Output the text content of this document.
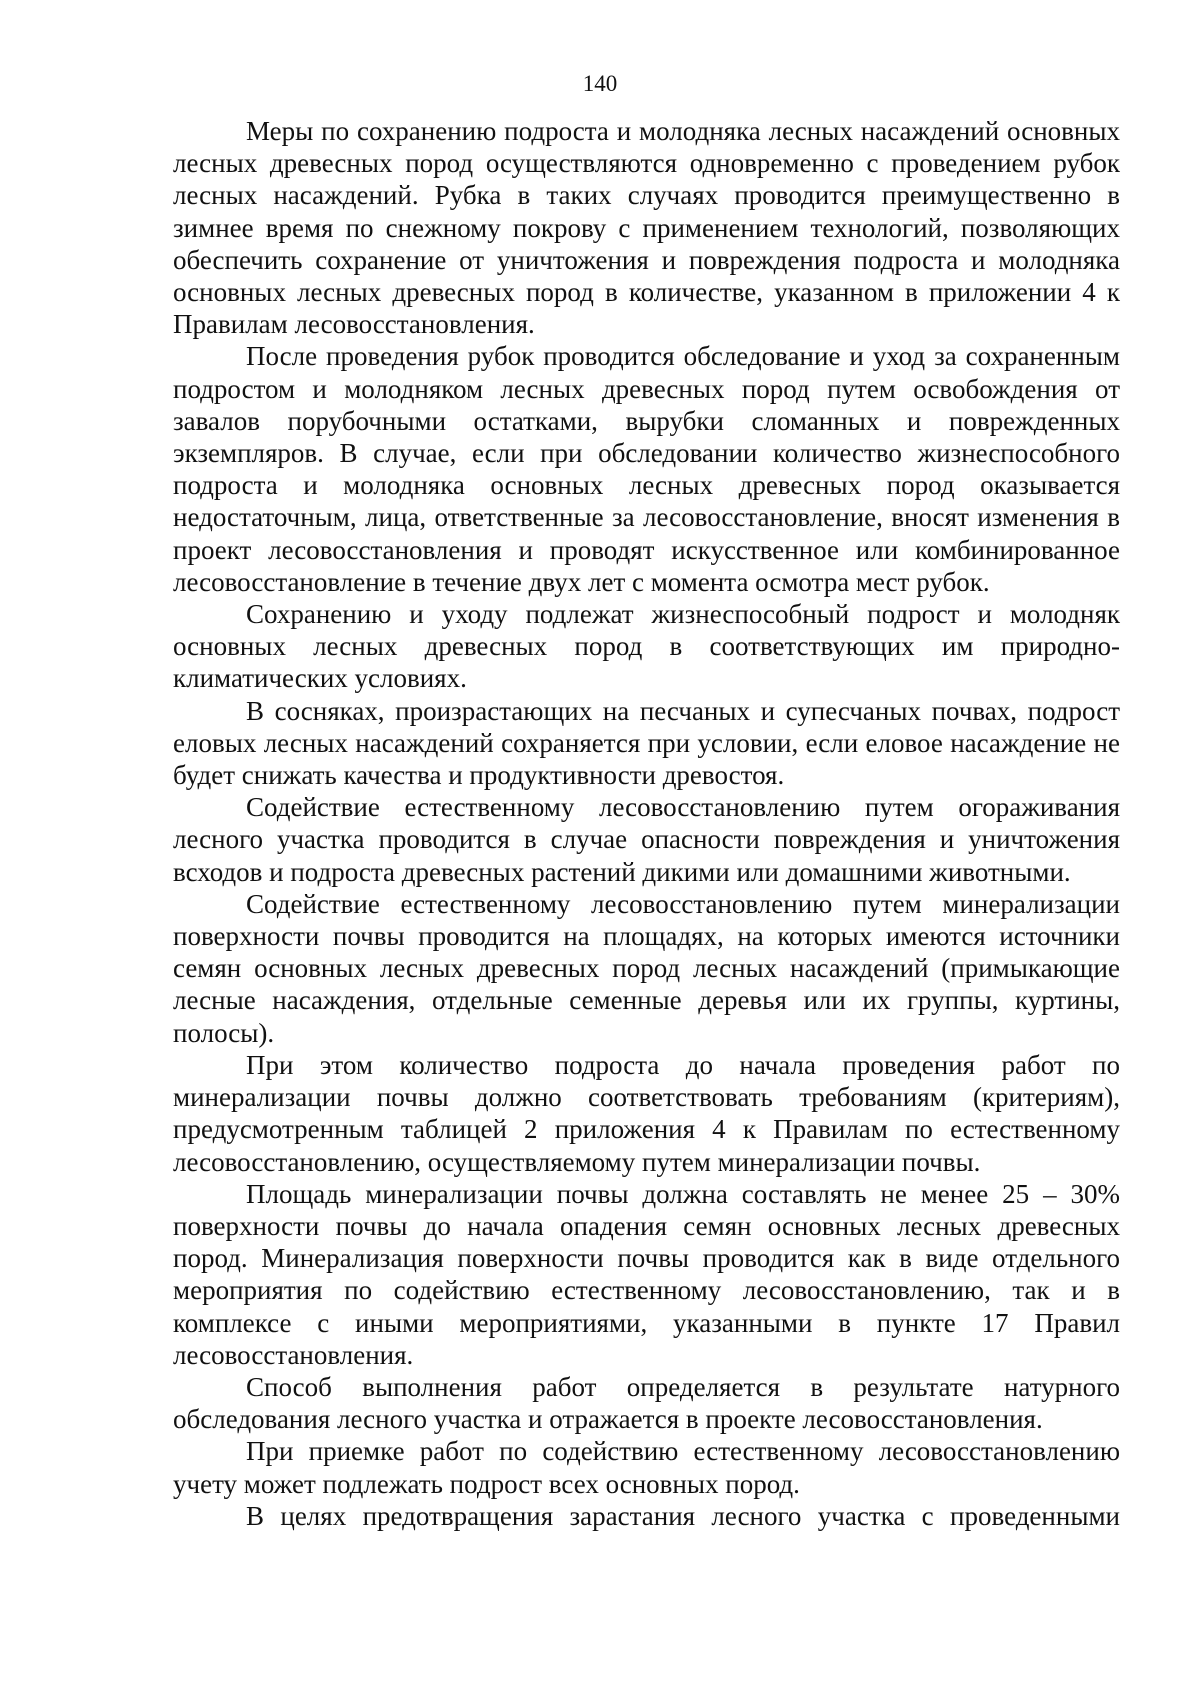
140

Меры по сохранению подроста и молодняка лесных насаждений основных лесных древесных пород осуществляются одновременно с проведением рубок лесных насаждений. Рубка в таких случаях проводится преимущественно в зимнее время по снежному покрову с применением технологий, позволяющих обеспечить сохранение от уничтожения и повреждения подроста и молодняка основных лесных древесных пород в количестве, указанном в приложении 4 к Правилам лесовосстановления.

После проведения рубок проводится обследование и уход за сохраненным подростом и молодняком лесных древесных пород путем освобождения от завалов порубочными остатками, вырубки сломанных и поврежденных экземпляров. В случае, если при обследовании количество жизнеспособного подроста и молодняка основных лесных древесных пород оказывается недостаточным, лица, ответственные за лесовосстановление, вносят изменения в проект лесовосстановления и проводят искусственное или комбинированное лесовосстановление в течение двух лет с момента осмотра мест рубок.

Сохранению и уходу подлежат жизнеспособный подрост и молодняк основных лесных древесных пород в соответствующих им природно-климатических условиях.

В сосняках, произрастающих на песчаных и супесчаных почвах, подрост еловых лесных насаждений сохраняется при условии, если еловое насаждение не будет снижать качества и продуктивности древостоя.

Содействие естественному лесовосстановлению путем огораживания лесного участка проводится в случае опасности повреждения и уничтожения всходов и подроста древесных растений дикими или домашними животными.

Содействие естественному лесовосстановлению путем минерализации поверхности почвы проводится на площадях, на которых имеются источники семян основных лесных древесных пород лесных насаждений (примыкающие лесные насаждения, отдельные семенные деревья или их группы, куртины, полосы).

При этом количество подроста до начала проведения работ по минерализации почвы должно соответствовать требованиям (критериям), предусмотренным таблицей 2 приложения 4 к Правилам по естественному лесовосстановлению, осуществляемому путем минерализации почвы.

Площадь минерализации почвы должна составлять не менее 25 – 30% поверхности почвы до начала опадения семян основных лесных древесных пород. Минерализация поверхности почвы проводится как в виде отдельного мероприятия по содействию естественному лесовосстановлению, так и в комплексе с иными мероприятиями, указанными в пункте 17 Правил лесовосстановления.

Способ выполнения работ определяется в результате натурного обследования лесного участка и отражается в проекте лесовосстановления.

При приемке работ по содействию естественному лесовосстановлению учету может подлежать подрост всех основных пород.

В целях предотвращения зарастания лесного участка с проведенными
